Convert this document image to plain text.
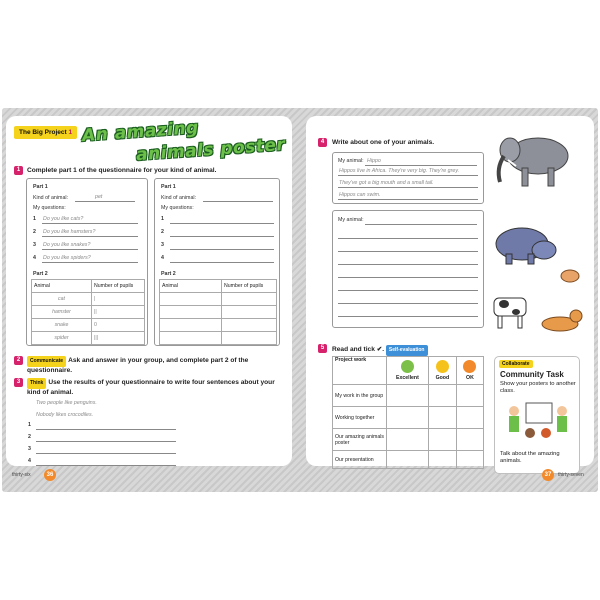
The Big Project 1 An amazing
animals poster
1	Complete part 1 of the questionnaire for your kind of animal.
Part 1
Kind of animal:	pet
My questions:
1 Do you like cats?
2 Do you like hamsters?
3 Do you like snakes?
4 Do you like spiders?
Part 2
Animal	Number of pupils
cat	|
hamster	||
snake	0
spider	|||
Part 1
Kind of animal:
My questions:
1
2
3
4
Part 2
Animal	Number of pupils

2	Communicate Ask and answer in your group, and complete part 2 of the questionnaire.
3	Think Use the results of your questionnaire to write four sentences about your kind of animal.
Two people like penguins.
Nobody likes crocodiles.
1
2
3
4
thirty-six	36
4	Write about one of your animals.
My animal: Hippo
Hippos live in Africa. They're very big. They're grey.
They've got a big mouth and a small tail.
Hippos can swim.
My animal:
5	Read and tick ✔. Self-evaluation
Project work	Excellent	Good	OK
My work in the group			
Working together			
Our amazing animals poster			
Our presentation			
Collaborate
Community Task
Show your posters to another class.
Talk about the amazing animals.
37	thirty-seven
